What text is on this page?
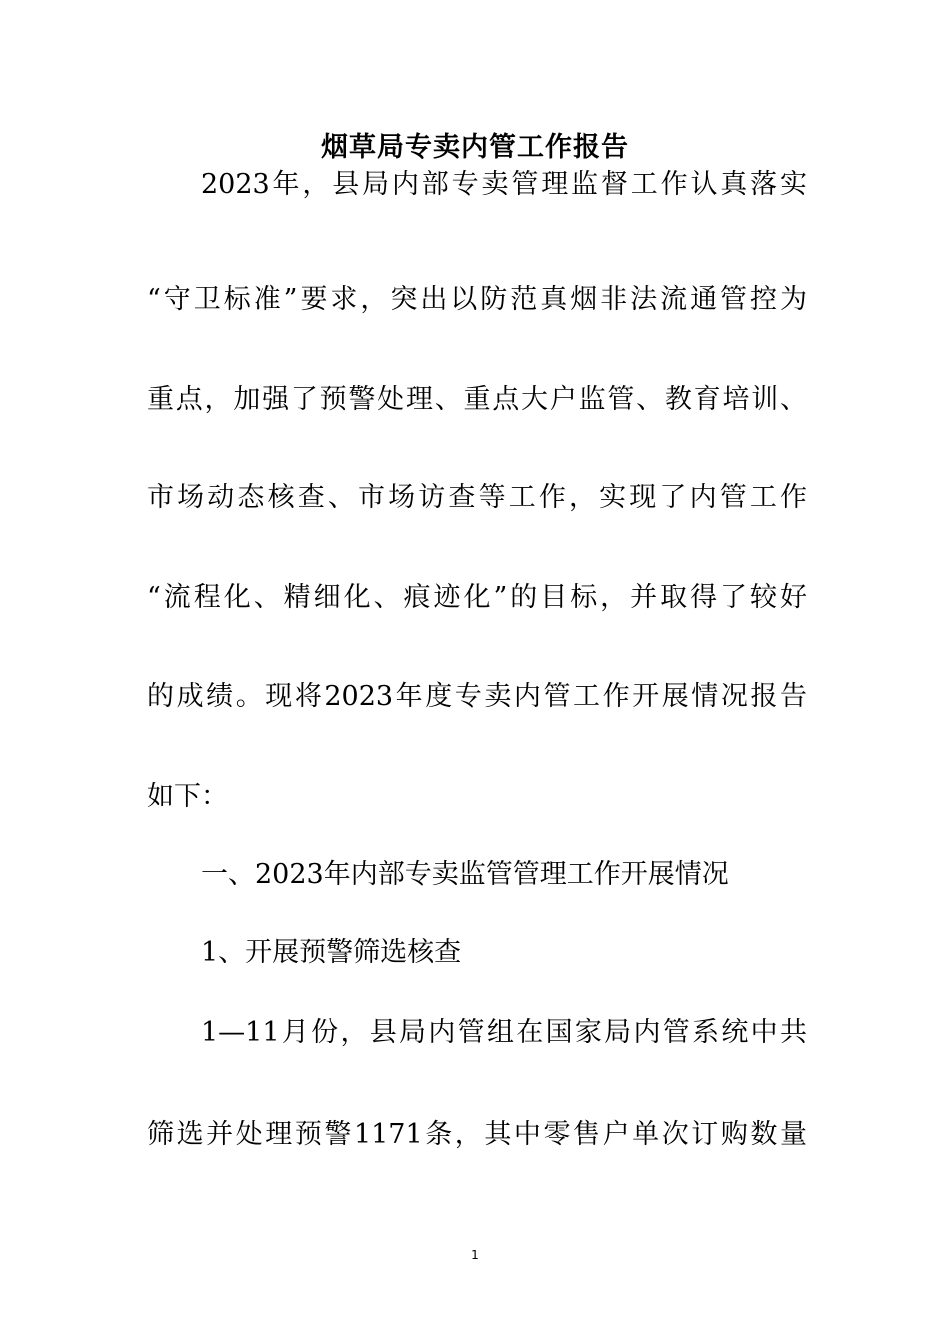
烟草局专卖内管工作报告
2023年，县局内部专卖管理监督工作认真落实
“守卫标准”要求，突出以防范真烟非法流通管控为
重点，加强了预警处理、重点大户监管、教育培训、
市场动态核查、市场访查等工作，实现了内管工作
“流程化、精细化、痕迹化”的目标，并取得了较好
的成绩。现将2023年度专卖内管工作开展情况报告
如下：
一、2023年内部专卖监管管理工作开展情况
1、开展预警筛选核查
1—11月份，县局内管组在国家局内管系统中共
筛选并处理预警1171条，其中零售户单次订购数量
1
